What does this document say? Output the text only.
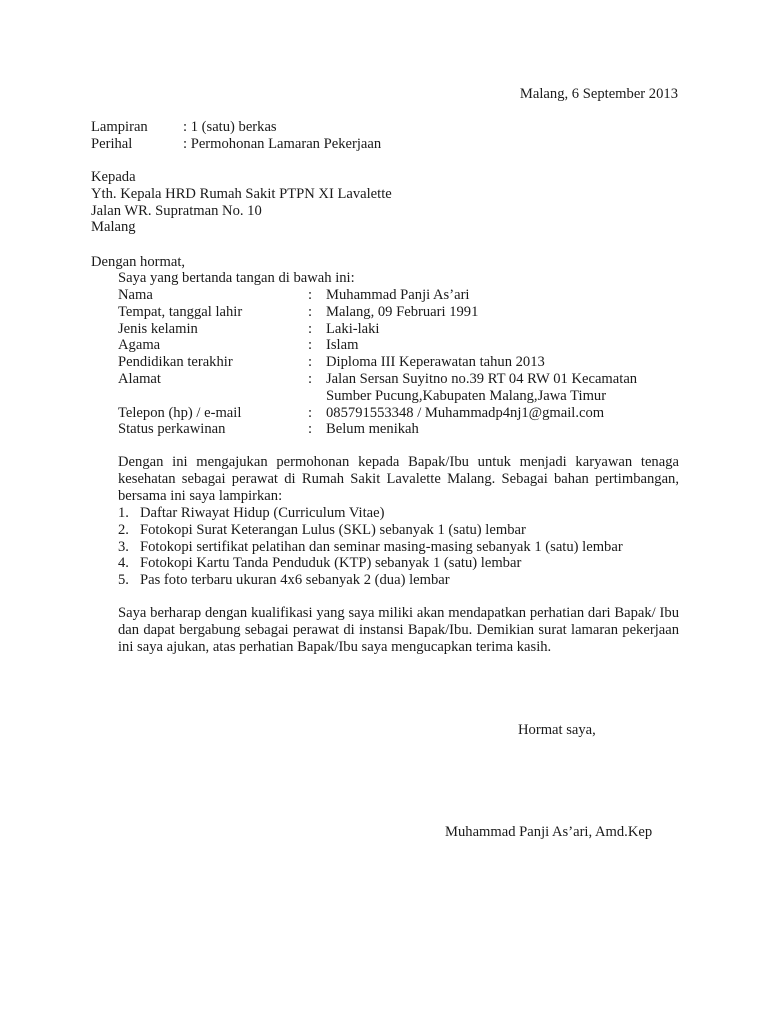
Malang, 6 September 2013
Lampiran : 1 (satu) berkas
Perihal	: Permohonan Lamaran Pekerjaan
Kepada
Yth. Kepala HRD Rumah Sakit PTPN XI Lavalette
Jalan WR. Supratman No. 10
Malang
Dengan hormat,
Saya yang bertanda tangan di bawah ini:
Nama	: Muhammad Panji As’ari
Tempat, tanggal lahir	: Malang, 09 Februari 1991
Jenis kelamin	: Laki-laki
Agama	: Islam
Pendidikan terakhir	: Diploma III Keperawatan tahun 2013
Alamat	: Jalan Sersan Suyitno no.39 RT 04 RW 01 Kecamatan
Sumber Pucung,Kabupaten Malang,Jawa Timur
Telepon (hp) / e-mail	: 085791553348 / Muhammadp4nj1@gmail.com
Status perkawinan	: Belum menikah
Dengan ini mengajukan permohonan kepada Bapak/Ibu untuk menjadi karyawan tenaga kesehatan sebagai perawat di Rumah Sakit Lavalette Malang. Sebagai bahan pertimbangan, bersama ini saya lampirkan:
1. Daftar Riwayat Hidup (Curriculum Vitae)
2. Fotokopi Surat Keterangan Lulus (SKL) sebanyak 1 (satu) lembar
3. Fotokopi sertifikat pelatihan dan seminar masing-masing sebanyak 1 (satu) lembar
4. Fotokopi Kartu Tanda Penduduk (KTP) sebanyak 1 (satu) lembar
5. Pas foto terbaru ukuran 4x6 sebanyak 2 (dua) lembar
Saya berharap dengan kualifikasi yang saya miliki akan mendapatkan perhatian dari Bapak/ Ibu dan dapat bergabung sebagai perawat di instansi Bapak/Ibu. Demikian surat lamaran pekerjaan ini saya ajukan, atas perhatian Bapak/Ibu saya mengucapkan terima kasih.
Hormat saya,
Muhammad Panji As’ari, Amd.Kep
